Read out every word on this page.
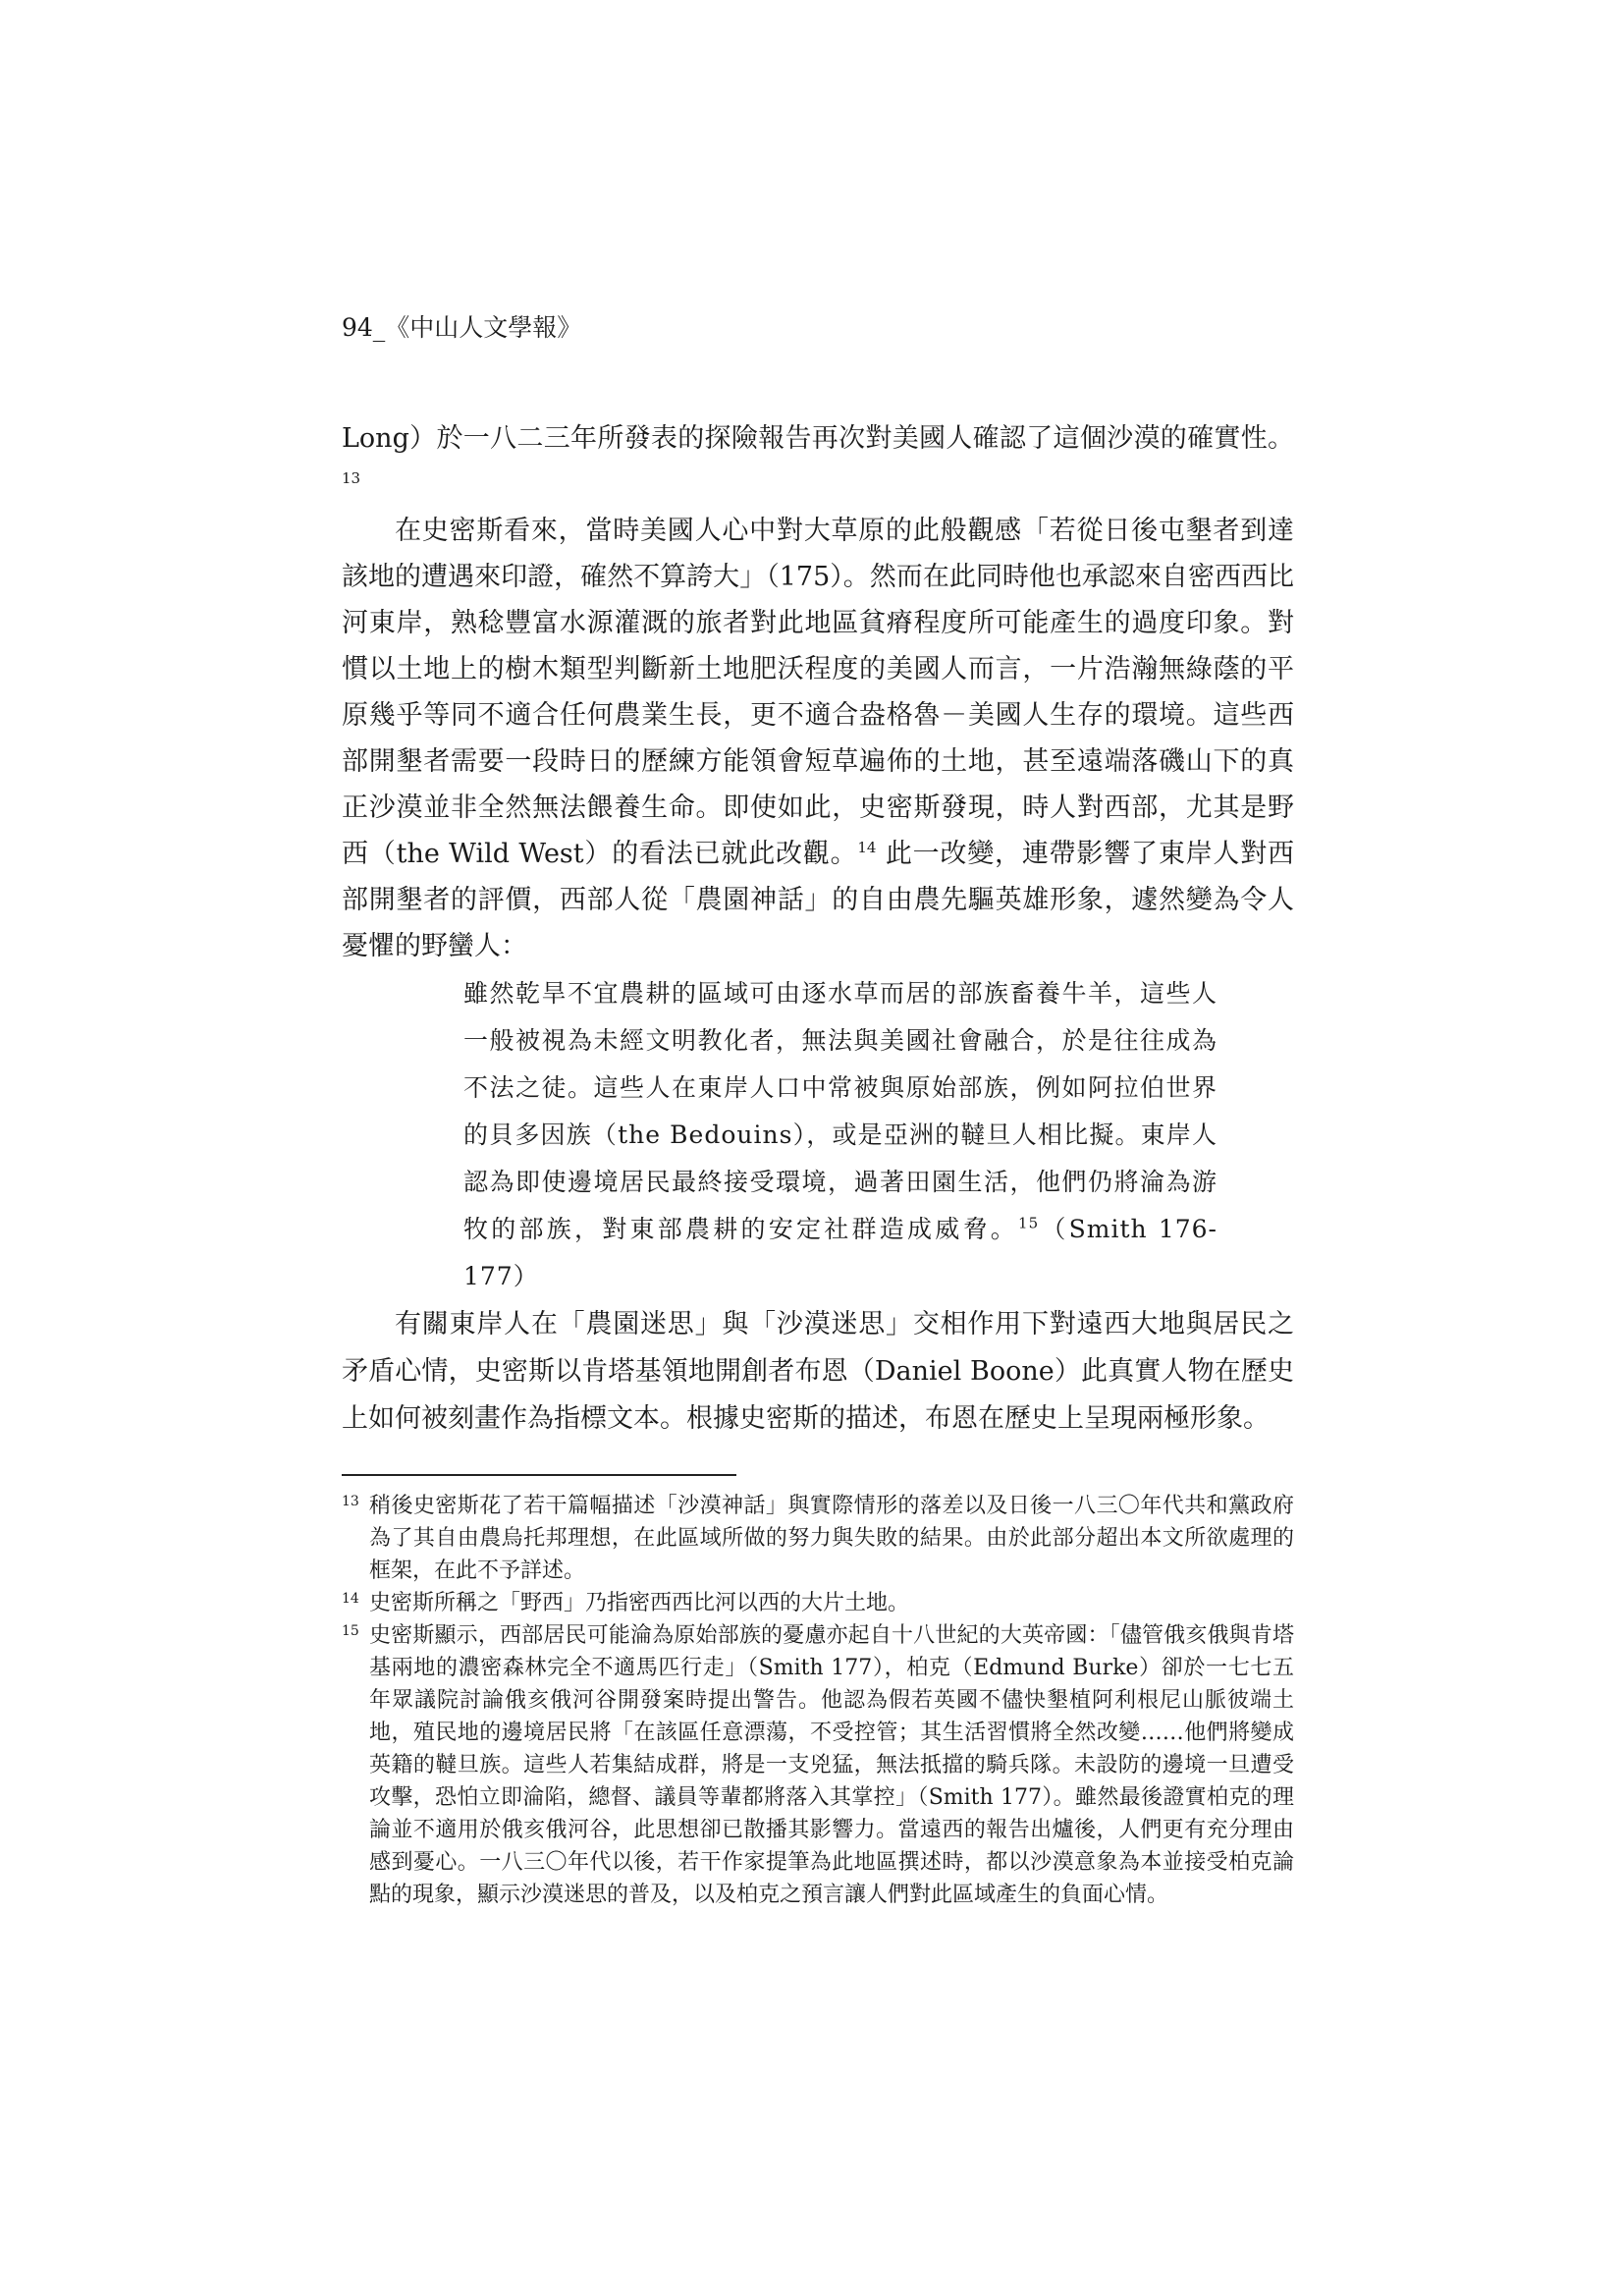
94_《中山人文學報》

Long）於一八二三年所發表的探險報告再次對美國人確認了這個沙漠的確實性。$^{13}$

在史密斯看來，當時美國人心中對大草原的此般觀感「若從日後屯墾者到達該地的遭遇來印證，確然不算誇大」（175）。然而在此同時他也承認來自密西西比河東岸，熟稔豐富水源灌溉的旅者對此地區貧瘠程度所可能產生的過度印象。對慣以土地上的樹木類型判斷新土地肥沃程度的美國人而言，一片浩瀚無綠蔭的平原幾乎等同不適合任何農業生長，更不適合盎格魯－美國人生存的環境。這些西部開墾者需要一段時日的歷練方能領會短草遍佈的土地，甚至遠端落磯山下的真正沙漠並非全然無法餵養生命。即使如此，史密斯發現，時人對西部，尤其是野西（the Wild West）的看法已就此改觀。$^{14}$ 此一改變，連帶影響了東岸人對西部開墾者的評價，西部人從「農園神話」的自由農先驅英雄形象，遽然變為令人憂懼的野蠻人：

雖然乾旱不宜農耕的區域可由逐水草而居的部族畜養牛羊，這些人一般被視為未經文明教化者，無法與美國社會融合，於是往往成為不法之徒。這些人在東岸人口中常被與原始部族，例如阿拉伯世界的貝多因族（the Bedouins），或是亞洲的韃旦人相比擬。東岸人認為即使邊境居民最終接受環境，過著田園生活，他們仍將淪為游牧的部族，對東部農耕的安定社群造成威脅。$^{15}$（Smith 176-177）

有關東岸人在「農園迷思」與「沙漠迷思」交相作用下對遠西大地與居民之矛盾心情，史密斯以肯塔基領地開創者布恩（Daniel Boone）此真實人物在歷史上如何被刻畫作為指標文本。根據史密斯的描述，布恩在歷史上呈現兩極形象。

13 稍後史密斯花了若干篇幅描述「沙漠神話」與實際情形的落差以及日後一八三〇年代共和黨政府為了其自由農烏托邦理想，在此區域所做的努力與失敗的結果。由於此部分超出本文所欲處理的框架，在此不予詳述。

14 史密斯所稱之「野西」乃指密西西比河以西的大片土地。

15 史密斯顯示，西部居民可能淪為原始部族的憂慮亦起自十八世紀的大英帝國：「儘管俄亥俄與肯塔基兩地的濃密森林完全不適馬匹行走」（Smith 177），柏克（Edmund Burke）卻於一七七五年眾議院討論俄亥俄河谷開發案時提出警告。他認為假若英國不儘快墾植阿利根尼山脈彼端土地，殖民地的邊境居民將「在該區任意漂蕩，不受控管；其生活習慣將全然改變……他們將變成英籍的韃旦族。這些人若集結成群，將是一支兇猛，無法抵擋的騎兵隊。未設防的邊境一旦遭受攻擊，恐怕立即淪陷，總督、議員等輩都將落入其掌控」（Smith 177）。雖然最後證實柏克的理論並不適用於俄亥俄河谷，此思想卻已散播其影響力。當遠西的報告出爐後，人們更有充分理由感到憂心。一八三〇年代以後，若干作家提筆為此地區撰述時，都以沙漠意象為本並接受柏克論點的現象，顯示沙漠迷思的普及，以及柏克之預言讓人們對此區域產生的負面心情。
